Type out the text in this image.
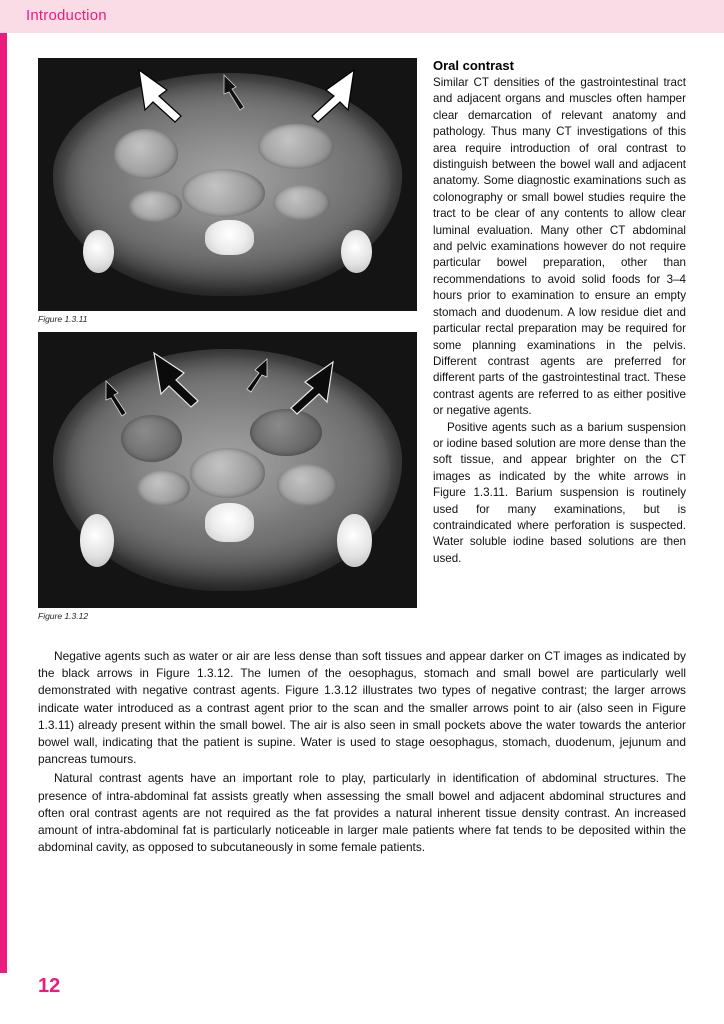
Introduction
Figure 1.3.11
Figure 1.3.12
Oral contrast

Similar CT densities of the gastrointestinal tract and adjacent organs and muscles often hamper clear demarcation of relevant anatomy and pathology. Thus many CT investigations of this area require introduction of oral contrast to distinguish between the bowel wall and adjacent anatomy. Some diagnostic examinations such as colonography or small bowel studies require the tract to be clear of any contents to allow clear luminal evaluation. Many other CT abdominal and pelvic examinations however do not require particular bowel preparation, other than recommendations to avoid solid foods for 3–4 hours prior to examination to ensure an empty stomach and duodenum. A low residue diet and particular rectal preparation may be required for some planning examinations in the pelvis. Different contrast agents are preferred for different parts of the gastrointestinal tract. These contrast agents are referred to as either positive or negative agents.

Positive agents such as a barium suspension or iodine based solution are more dense than the soft tissue, and appear brighter on the CT images as indicated by the white arrows in Figure 1.3.11. Barium suspension is routinely used for many examinations, but is contraindicated where perforation is suspected. Water soluble iodine based solutions are then used.

Negative agents such as water or air are less dense than soft tissues and appear darker on CT images as indicated by the black arrows in Figure 1.3.12. The lumen of the oesophagus, stomach and small bowel are particularly well demonstrated with negative contrast agents. Figure 1.3.12 illustrates two types of negative contrast; the larger arrows indicate water introduced as a contrast agent prior to the scan and the smaller arrows point to air (also seen in Figure 1.3.11) already present within the small bowel. The air is also seen in small pockets above the water towards the anterior bowel wall, indicating that the patient is supine. Water is used to stage oesophagus, stomach, duodenum, jejunum and pancreas tumours.

Natural contrast agents have an important role to play, particularly in identification of abdominal structures. The presence of intra-abdominal fat assists greatly when assessing the small bowel and adjacent abdominal structures and often oral contrast agents are not required as the fat provides a natural inherent tissue density contrast. An increased amount of intra-abdominal fat is particularly noticeable in larger male patients where fat tends to be deposited within the abdominal cavity, as opposed to subcutaneously in some female patients.

12
